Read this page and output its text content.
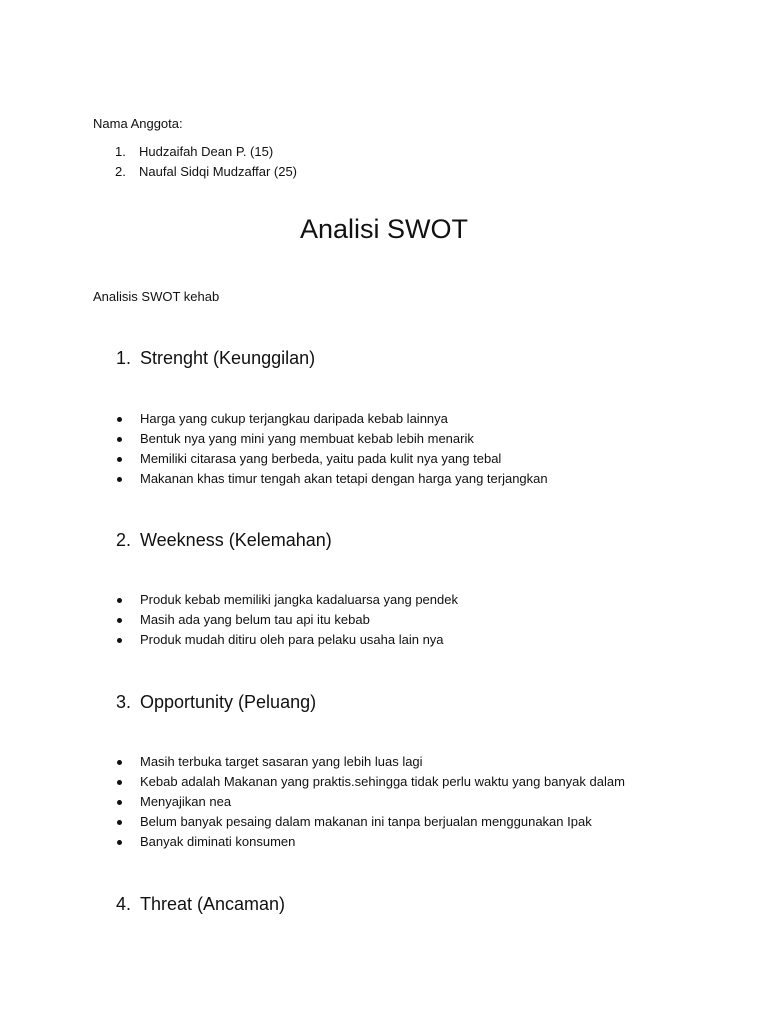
Nama Anggota:
1. Hudzaifah Dean P. (15)
2. Naufal Sidqi Mudzaffar (25)
Analisi SWOT
Analisis SWOT kehab
1. Strenght (Keunggilan)
Harga yang cukup terjangkau daripada kebab lainnya
Bentuk nya yang mini yang membuat kebab lebih menarik
Memiliki citarasa yang berbeda, yaitu pada kulit nya yang tebal
Makanan khas timur tengah akan tetapi dengan harga yang terjangkan
2. Weekness (Kelemahan)
Produk kebab memiliki jangka kadaluarsa yang pendek
Masih ada yang belum tau api itu kebab
Produk mudah ditiru oleh para pelaku usaha lain nya
3. Opportunity (Peluang)
Masih terbuka target sasaran yang lebih luas lagi
Kebab adalah Makanan yang praktis.sehingga tidak perlu waktu yang banyak dalam
Menyajikan nea
Belum banyak pesaing dalam makanan ini tanpa berjualan menggunakan Ipak
Banyak diminati konsumen
4. Threat (Ancaman)
